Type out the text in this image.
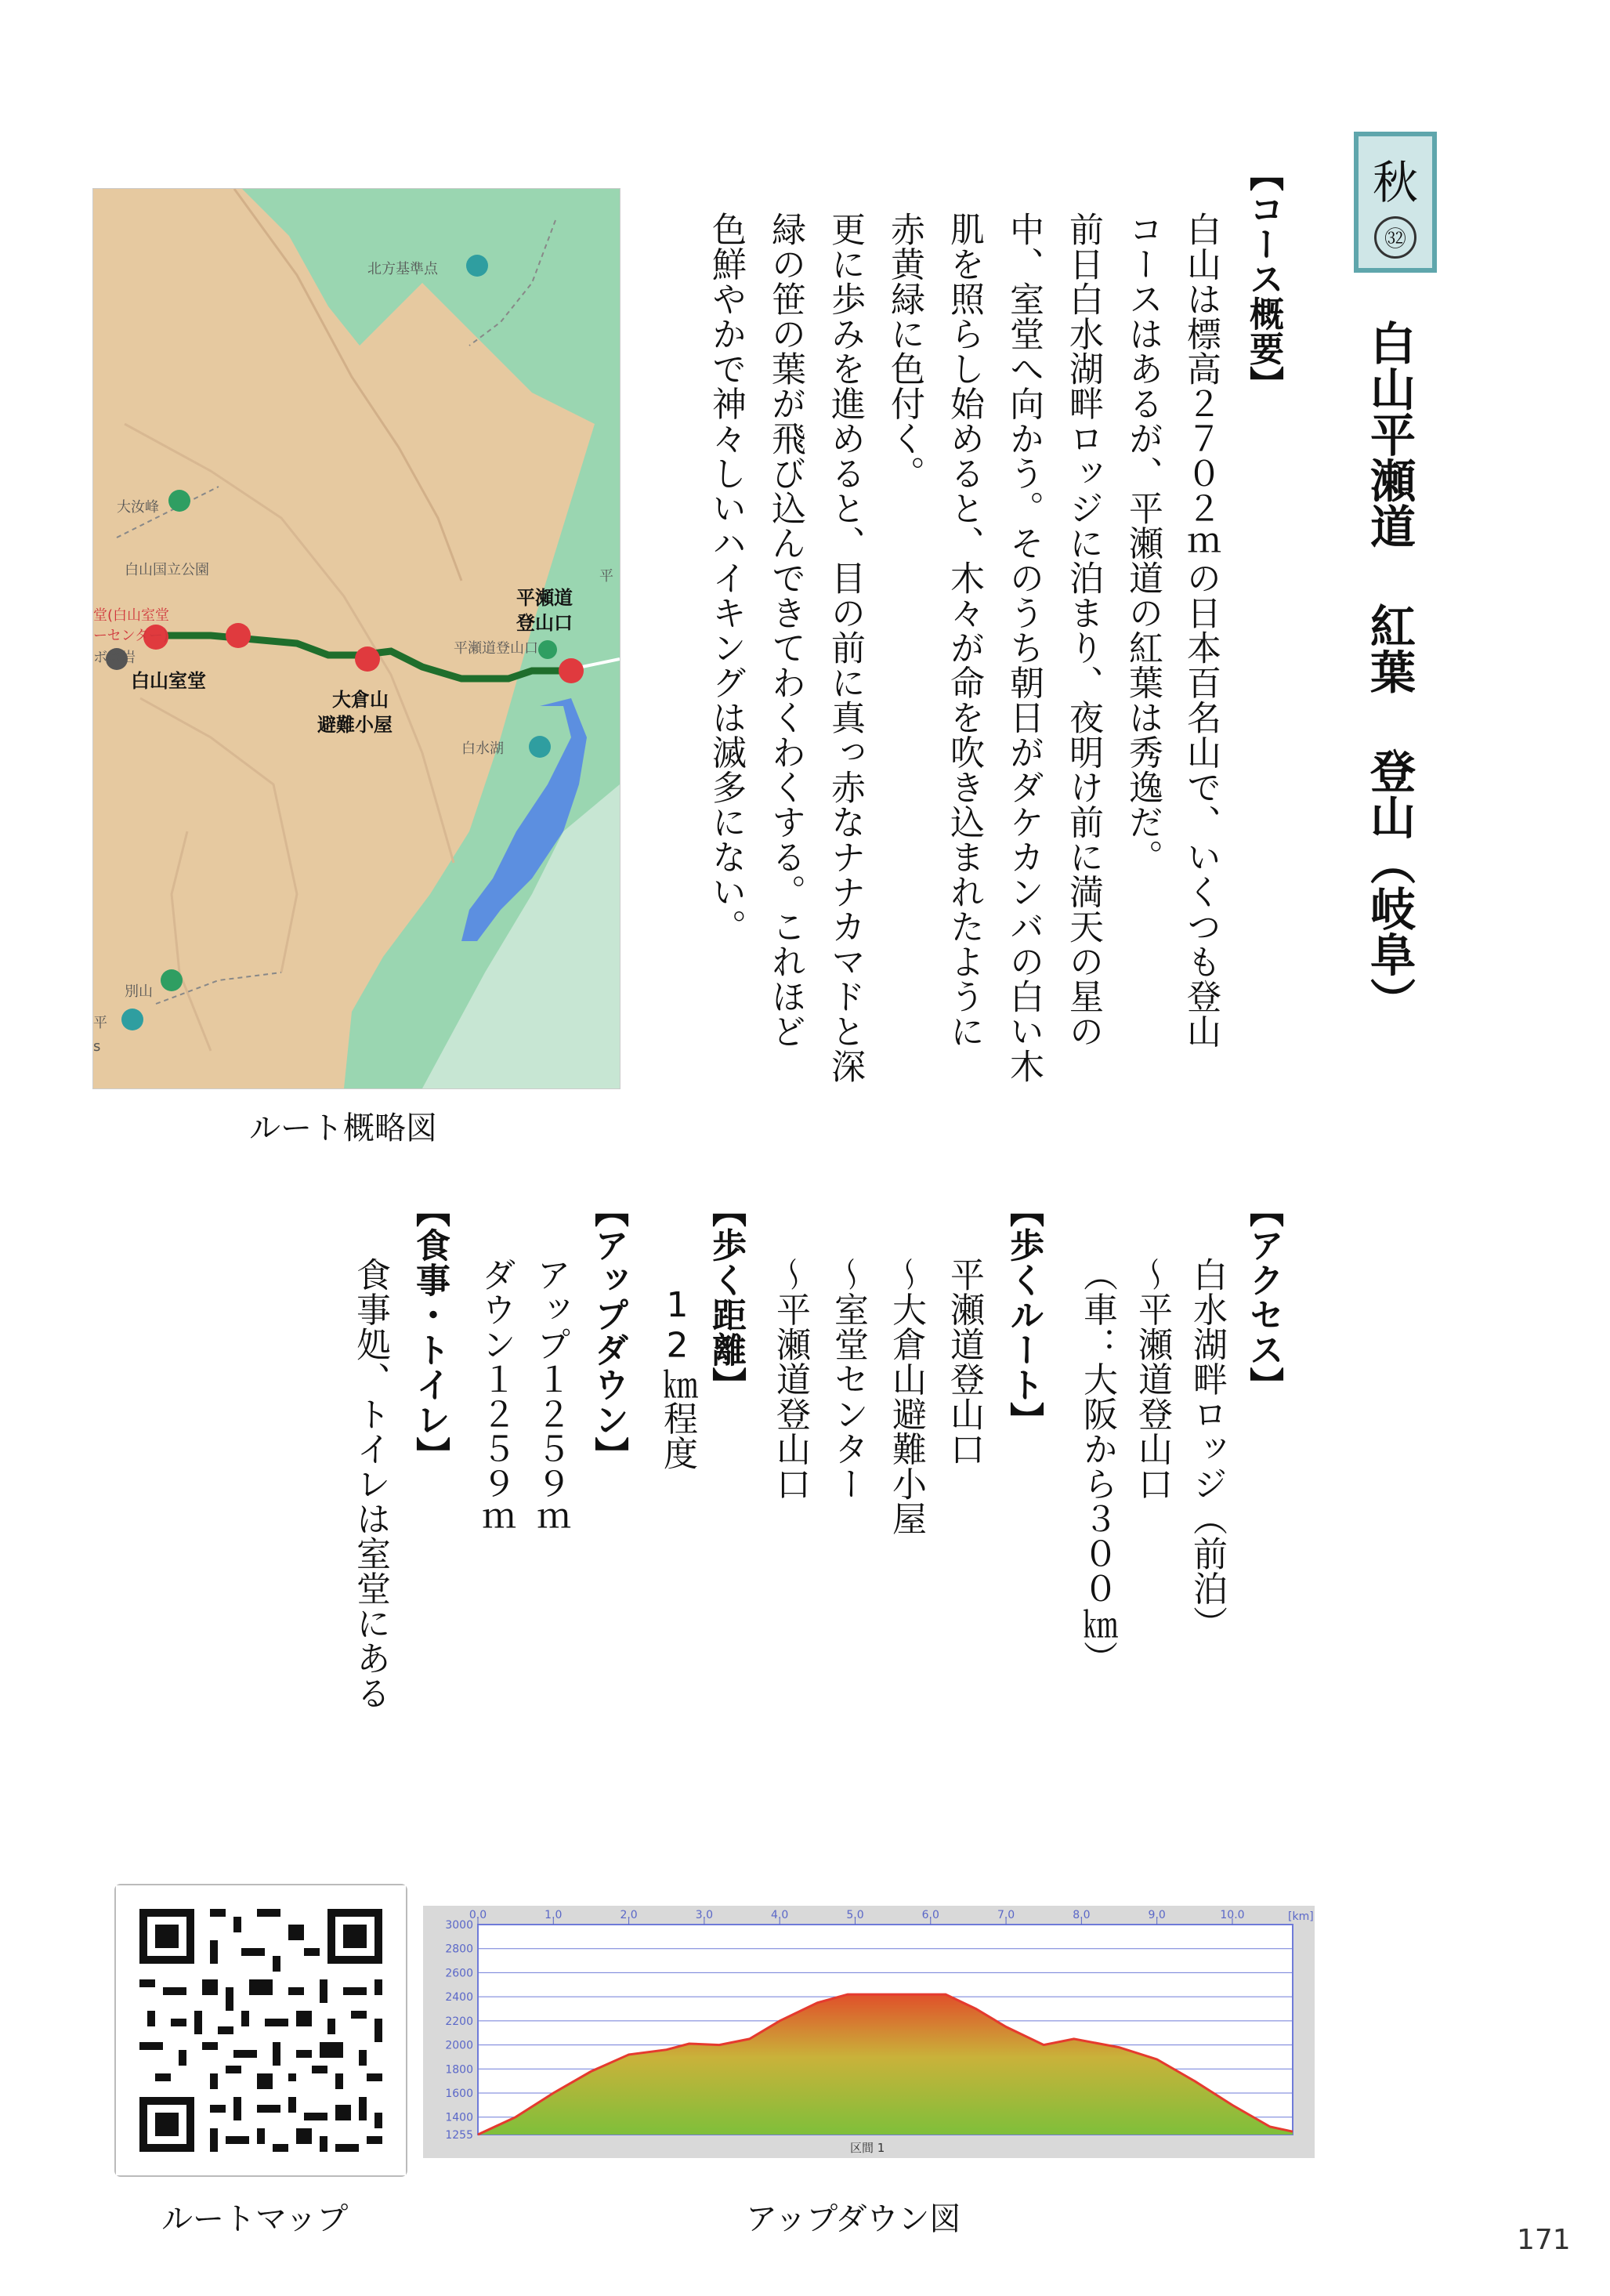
秋
㉜
白山平瀬道 紅葉 登山（岐阜）
【コース概要】
白山は標高２７０２ｍの日本百名山で、いくつも登山
コースはあるが、平瀬道の紅葉は秀逸だ。
前日白水湖畔ロッジに泊まり、夜明け前に満天の星の
中、室堂へ向かう。そのうち朝日がダケカンバの白い木
肌を照らし始めると、木々が命を吹き込まれたように
赤黄緑に色付く。
更に歩みを進めると、目の前に真っ赤なナナカマドと深
緑の笹の葉が飛び込んできてわくわくする。これほど
色鮮やかで神々しいハイキングは滅多にない。
【アクセス】
白水湖畔ロッジ（前泊）
～平瀬道登山口
（車：大阪から３００㎞）
【歩くルート】
平瀬道登山口
～大倉山避難小屋
～室堂センター
～平瀬道登山口
【歩く距離】
12㎞程度
【アップダウン】
アップ１２５９ｍ
ダウン１２５９ｍ
【食事・トイレ】
食事処、トイレは室堂にある
北方基準点
大汝峰
白山国立公園
堂(白山室堂
ーセンター)
ボコ岩
白山室堂
大倉山
避難小屋
平瀬道
登山口
平瀬道登山口
白水湖
別山
平
s
平
ルート概略図
ルートマップ
1255
1400
1600
1800
2000
2200
2400
2600
2800
3000
0.0	1.0	2.0	3.0	4.0	5.0	6.0	7.0	8.0	9.0	10.0	[km]
区間 1
アップダウン図
171
